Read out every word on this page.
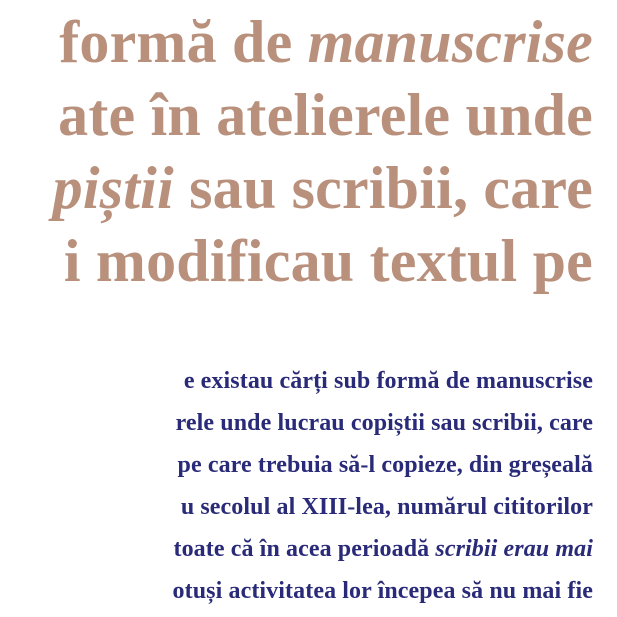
formă de manuscrise

ate în atelierele unde

piștii sau scribii, care

i modificau textul pe

e existau cărți sub formă de manuscrise

rele unde lucrau copiștii sau scribii, care

pe care trebuia să-l copieze, din greșeală

u secolul al XIII-lea, numărul cititorilor

toate că în acea perioadă scribii erau mai

otuși activitatea lor începea să nu mai fie
